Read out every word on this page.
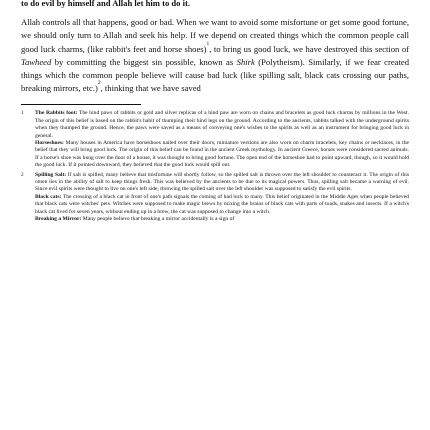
to do evil by himself and Allah let him to do it.

Allah controls all that happens, good or bad. When we want to avoid some misfortune or get some good fortune, we should only turn to Allah and seek his help. If we depend on created things which the common people call good luck charms, (like rabbit's feet and horse shoes)$^1$, to bring us good luck, we have destroyed this section of Tawheed by committing the biggest sin possible, known as Shirk (Polytheism). Similarly, if we fear created things which the common people believe will cause bad luck (like spilling salt, black cats crossing our paths, breaking mirrors, etc.)$^2$, thinking that we have saved

1	The Rabbits foot: The hind paws of rabbits or gold and silver replicas of a hind paw are worn on chains and bracelets as good luck charms by millions in the West. The origin of this belief is based on the rabbit's habit of thumping their hind legs on the ground. According to the ancients, rabbits talked with the underground spirits when they thumped the ground. Hence, the paws were saved as a means of conveying one's wishes to the spirits as well as an instrument for bringing good luck in general.

Horseshoes: Many houses in America have horseshoes nailed over their doors, miniature versions are also worn on charm bracelets, key chains or necklaces, in the belief that they will bring good luck. The origin of this belief can be found in the ancient Greek mythology. In ancient Greece, horses were considered sacred animals. If a horse's shoe was hung over the door of a house, it was thought to bring good fortune. The open end of the horseshoe had to point upward, though, so it would hold the good luck. If it pointed downward, they believed that the good luck would spill out.

2	Spilling Salt: If salt is spilled, many believe that misfortune will shortly follow, so the spilled salt is thrown over the left shoulder to counteract it. The origin of this omen lies in the ability of salt to keep things fresh. This was believed by the ancients to be due to its magical powers. Thus, spilling salt became a warning of evil. Since evil spirits were thought to live on one's left side, throwing the spilled salt over the left shoulder was supposed to satisfy the evil spirits.

Black cats: The crossing of a black cat in front of one's path signals the coming of bad luck to many. This belief originated in the Middle Ages when people believed that black cats were witches' pets. Witches were supposed to make magic brews by mixing the brains of black cats with parts of toads, snakes and insects. If a witch's black cat lived for seven years, without ending up in a brew, the cat was supposed to change into a witch.

Breaking a Mirror: Many people believe that breaking a mirror accidentally is a sign of
